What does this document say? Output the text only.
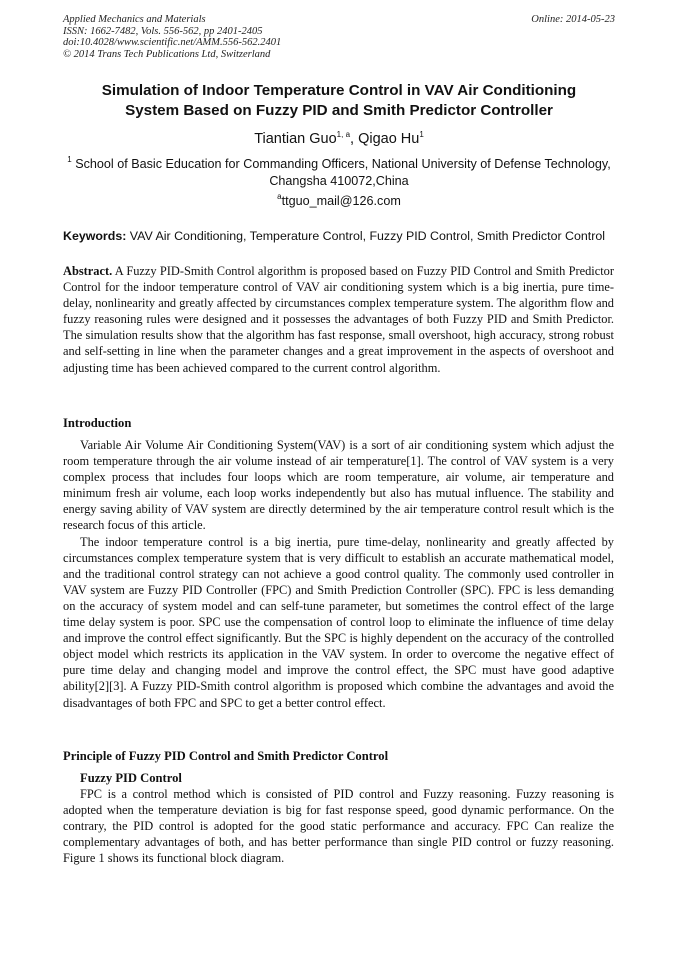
Applied Mechanics and Materials
ISSN: 1662-7482, Vols. 556-562, pp 2401-2405
doi:10.4028/www.scientific.net/AMM.556-562.2401
© 2014 Trans Tech Publications Ltd, Switzerland
Online: 2014-05-23
Simulation of Indoor Temperature Control in VAV Air Conditioning
System Based on Fuzzy PID and Smith Predictor Controller
Tiantian Guo$^{1, a}$, Qigao Hu$^1$
$^1$ School of Basic Education for Commanding Officers, National University of Defense Technology,
Changsha 410072,China
$^a$ttguo_mail@126.com
Keywords: VAV Air Conditioning, Temperature Control, Fuzzy PID Control, Smith Predictor Control

Abstract. A Fuzzy PID-Smith Control algorithm is proposed based on Fuzzy PID Control and Smith Predictor Control for the indoor temperature control of VAV air conditioning system which is a big inertia, pure time-delay, nonlinearity and greatly affected by circumstances complex temperature system. The algorithm flow and fuzzy reasoning rules were designed and it possesses the advantages of both Fuzzy PID and Smith Predictor. The simulation results show that the algorithm has fast response, small overshoot, high accuracy, strong robust and self-setting in line when the parameter changes and a great improvement in the aspects of overshoot and adjusting time has been achieved compared to the current control algorithm.

Introduction

Variable Air Volume Air Conditioning System(VAV) is a sort of air conditioning system which adjust the room temperature through the air volume instead of air temperature[1]. The control of VAV system is a very complex process that includes four loops which are room temperature, air volume, air temperature and minimum fresh air volume, each loop works independently but also has mutual influence. The stability and energy saving ability of VAV system are directly determined by the air temperature control result which is the research focus of this article.

The indoor temperature control is a big inertia, pure time-delay, nonlinearity and greatly affected by circumstances complex temperature system that is very difficult to establish an accurate mathematical model, and the traditional control strategy can not achieve a good control quality. The commonly used controller in VAV system are Fuzzy PID Controller (FPC) and Smith Prediction Controller (SPC). FPC is less demanding on the accuracy of system model and can self-tune parameter, but sometimes the control effect of the large time delay system is poor. SPC use the compensation of control loop to eliminate the influence of time delay and improve the control effect significantly. But the SPC is highly dependent on the accuracy of the controlled object model which restricts its application in the VAV system. In order to overcome the negative effect of pure time delay and changing model and improve the control effect, the SPC must have good adaptive ability[2][3]. A Fuzzy PID-Smith control algorithm is proposed which combine the advantages and avoid the disadvantages of both FPC and SPC to get a better control effect.

Principle of Fuzzy PID Control and Smith Predictor Control
Fuzzy PID Control

FPC is a control method which is consisted of PID control and Fuzzy reasoning. Fuzzy reasoning is adopted when the temperature deviation is big for fast response speed, good dynamic performance. On the contrary, the PID control is adopted for the good static performance and accuracy. FPC Can realize the complementary advantages of both, and has better performance than single PID control or fuzzy reasoning. Figure 1 shows its functional block diagram.
